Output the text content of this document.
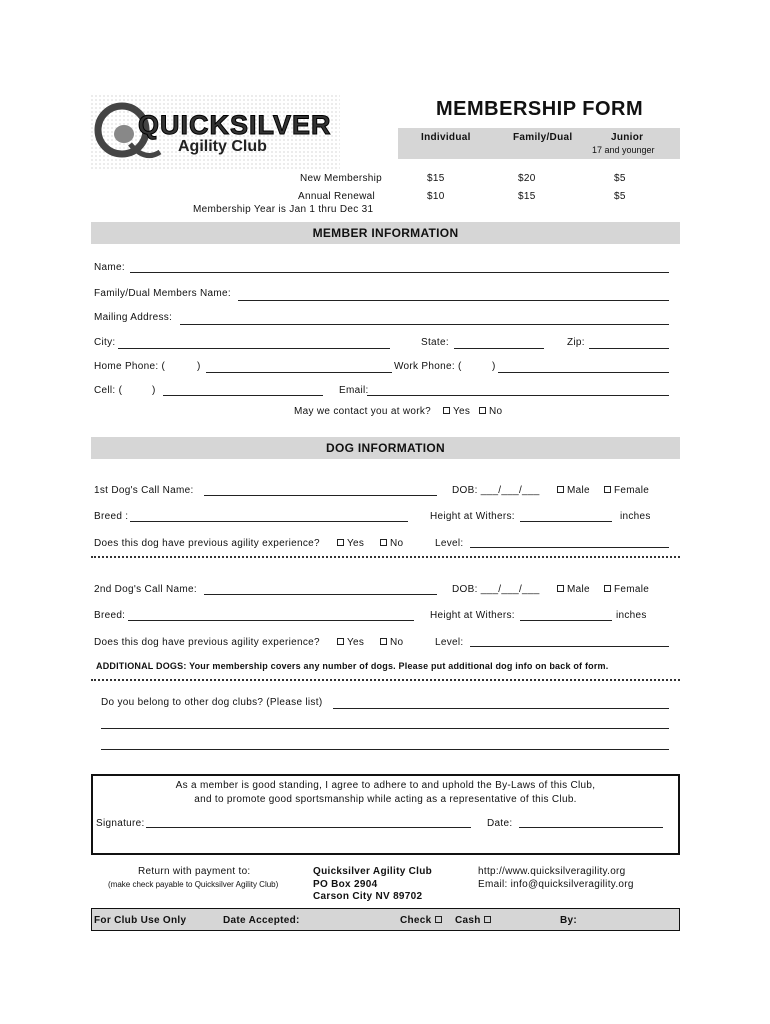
QUICKSILVER
Agility Club
MEMBERSHIP FORM
Individual	Family/Dual	Junior
17 and younger
New Membership	$15	$20	$5
Annual Renewal	$10	$15	$5
Membership Year is Jan 1 thru Dec 31
MEMBER INFORMATION
Name:
Family/Dual Members Name:
Mailing Address:
City:	State:	Zip:
Home Phone: (	)	Work Phone: (	)
Cell: (	)	Email:
May we contact you at work?	Yes	No
DOG INFORMATION
1st Dog's Call Name:	DOB: ___/___/___	Male	Female
Breed :	Height at Withers:	inches
Does this dog have previous agility experience?	Yes	No	Level:
2nd Dog's Call Name:	DOB: ___/___/___	Male	Female
Breed:	Height at Withers:	inches
Does this dog have previous agility experience?	Yes	No	Level:
ADDITIONAL DOGS: Your membership covers any number of dogs. Please put additional dog info on back of form.
Do you belong to other dog clubs? (Please list)
As a member is good standing, I agree to adhere to and uphold the By-Laws of this Club,
and to promote good sportsmanship while acting as a representative of this Club.
Signature:	Date:
Return with payment to:
(make check payable to Quicksilver Agility Club)
Quicksilver Agility Club
PO Box 2904
Carson City NV 89702
http://www.quicksilveragility.org
Email: info@quicksilveragility.org
For Club Use Only	Date Accepted:	Check	Cash	By:
